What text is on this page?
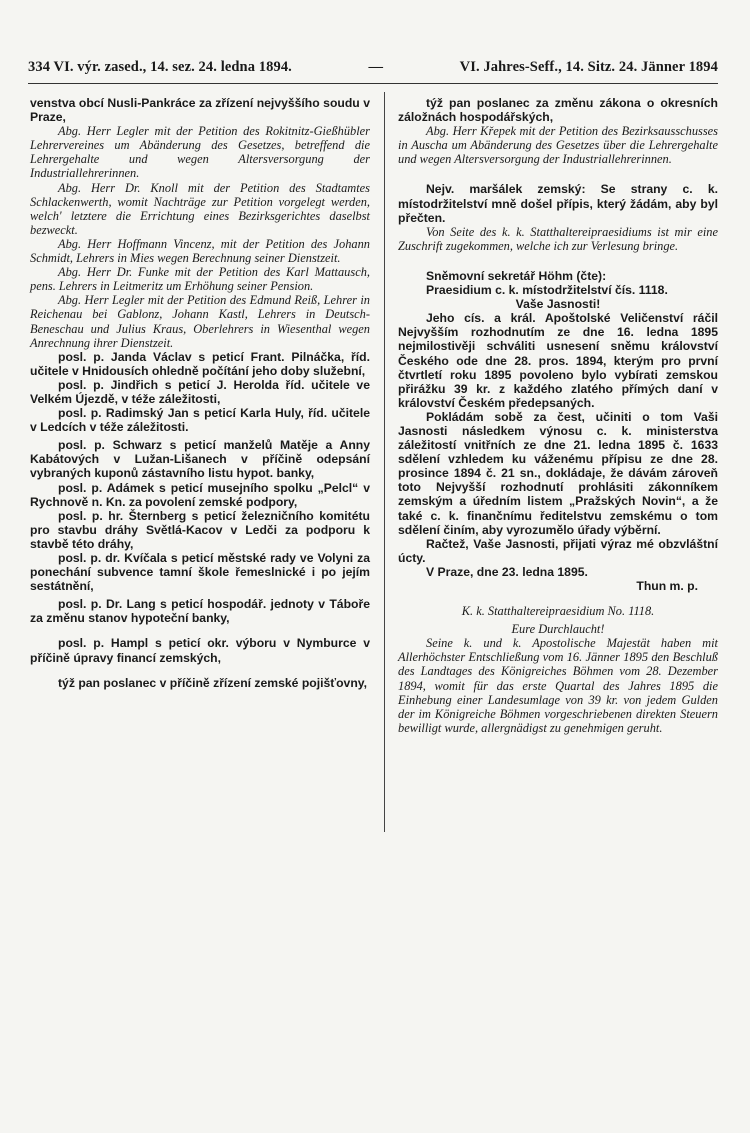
334 VI. výr. zased., 14. sez. 24. ledna 1894.	—	VI. Jahres-Seff., 14. Sitz. 24. Jänner 1894

venstva obcí Nusli-Pankráce za zřízení nejvyššího soudu v Praze,

Abg. Herr Legler mit der Petition des Rokitnitz-Gießhübler Lehrervereines um Abänderung des Gesetzes, betreffend die Lehrergehalte und wegen Altersversorgung der Industriallehrerinnen.

Abg. Herr Dr. Knoll mit der Petition des Stadtamtes Schlackenwerth, womit Nachträge zur Petition vorgelegt werden, welch' letztere die Errichtung eines Bezirksgerichtes daselbst bezweckt.

Abg. Herr Hoffmann Vincenz, mit der Petition des Johann Schmidt, Lehrers in Mies wegen Berechnung seiner Dienstzeit.

Abg. Herr Dr. Funke mit der Petition des Karl Mattausch, pens. Lehrers in Leitmeritz um Erhöhung seiner Pension.

Abg. Herr Legler mit der Petition des Edmund Reiß, Lehrer in Reichenau bei Gablonz, Johann Kastl, Lehrers in Deutsch-Beneschau und Julius Kraus, Oberlehrers in Wiesenthal wegen Anrechnung ihrer Dienstzeit.

posl. p. Janda Václav s peticí Frant. Pilnáčka, říd. učitele v Hnidousích ohledně počítání jeho doby služební,

posl. p. Jindřich s peticí J. Herolda říd. učitele ve Velkém Újezdě, v téže záležitosti,

posl. p. Radimský Jan s peticí Karla Huly, říd. učitele v Ledcích v téže záležitosti.

posl. p. Schwarz s peticí manželů Matěje a Anny Kabátových v Lužan-Lišanech v příčině odepsání vybraných kuponů zástavního listu hypot. banky,

posl. p. Adámek s peticí musejního spolku „Pelcl“ v Rychnově n. Kn. za povolení zemské podpory,

posl. p. hr. Šternberg s peticí železničního komitétu pro stavbu dráhy Světlá-Kacov v Ledči za podporu k stavbě této dráhy,

posl. p. dr. Kvíčala s peticí městské rady ve Volyni za ponechání subvence tamní škole řemeslnické i po jejím sestátnění,

posl. p. Dr. Lang s peticí hospodář. jednoty v Táboře za změnu stanov hypoteční banky,

posl. p. Hampl s peticí okr. výboru v Nymburce v příčině úpravy financí zemských,

týž pan poslanec v příčině zřízení zemské pojišťovny,

týž pan poslanec za změnu zákona o okresních záložnách hospodářských,

Abg. Herr Křepek mit der Petition des Bezirksausschusses in Auscha um Abänderung des Gesetzes über die Lehrergehalte und wegen Altersversorgung der Industriallehrerinnen.

Nejv. maršálek zemský: Se strany c. k. místodržitelství mně došel přípis, který žádám, aby byl přečten.

Von Seite des k. k. Statthaltereipraesidiums ist mir eine Zuschrift zugekommen, welche ich zur Verlesung bringe.

Sněmovní sekretář Höhm (čte):

Praesidium c. k. místodržitelství čís. 1118.

Vaše Jasnosti!

Jeho cís. a král. Apoštolské Veličenství ráčil Nejvyšším rozhodnutím ze dne 16. ledna 1895 nejmilostivěji schváliti usnesení sněmu království Českého ode dne 28. pros. 1894, kterým pro první čtvrtletí roku 1895 povoleno bylo vybírati zemskou přirážku 39 kr. z každého zlatého přímých daní v království Českém předepsaných.

Pokládám sobě za čest, učiniti o tom Vaši Jasnosti následkem výnosu c. k. ministerstva záležitostí vnitřních ze dne 21. ledna 1895 č. 1633 sdělení vzhledem ku váženému přípisu ze dne 28. prosince 1894 č. 21 sn., dokládaje, že dávám zároveň toto Nejvyšší rozhodnutí prohlásiti zákonníkem zemským a úředním listem „Pražských Novin“, a že také c. k. finančnímu ředitelstvu zemskému o tom sdělení činím, aby vyrozumělo úřady výběrní.

Račtež, Vaše Jasnosti, přijati výraz mé obzvláštní úcty.

V Praze, dne 23. ledna 1895.

Thun m. p.

K. k. Statthaltereipraesidium No. 1118.

Eure Durchlaucht!

Seine k. und k. Apostolische Majestät haben mit Allerhöchster Entschließung vom 16. Jänner 1895 den Beschluß des Landtages des Königreiches Böhmen vom 28. Dezember 1894, womit für das erste Quartal des Jahres 1895 die Einhebung einer Landesumlage von 39 kr. von jedem Gulden der im Königreiche Böhmen vorgeschriebenen direkten Steuern bewilligt wurde, allergnädigst zu genehmigen geruht.
